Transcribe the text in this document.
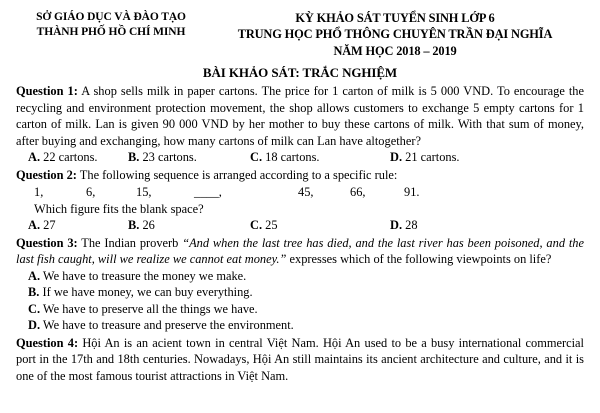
SỞ GIÁO DỤC VÀ ĐÀO TẠO
THÀNH PHỐ HỒ CHÍ MINH
KỲ KHẢO SÁT TUYỂN SINH LỚP 6
TRUNG HỌC PHỔ THÔNG CHUYÊN TRẦN ĐẠI NGHĨA
NĂM HỌC 2018 – 2019
BÀI KHẢO SÁT: TRẮC NGHIỆM

Question 1: A shop sells milk in paper cartons. The price for 1 carton of milk is 5 000 VND. To encourage the recycling and environment protection movement, the shop allows customers to exchange 5 empty cartons for 1 carton of milk. Lan is given 90 000 VND by her mother to buy these cartons of milk. With that sum of money, after buying and exchanging, how many cartons of milk can Lan have altogether?

A. 22 cartons.	B. 23 cartons.	C. 18 cartons.	D. 21 cartons.

Question 2: The following sequence is arranged according to a specific rule:

1,	6,	15,	____,	45,	66,	91.
Which figure fits the blank space?
A. 27	B. 26	C. 25	D. 28

Question 3: The Indian proverb “And when the last tree has died, and the last river has been poisoned, and the last fish caught, will we realize we cannot eat money.” expresses which of the following viewpoints on life?

A. We have to treasure the money we make.
B. If we have money, we can buy everything.
C. We have to preserve all the things we have.
D. We have to treasure and preserve the environment.

Question 4: Hội An is an acient town in central Việt Nam. Hội An used to be a busy international commercial port in the 17th and 18th centuries. Nowadays, Hội An still maintains its ancient architecture and culture, and it is one of the most famous tourist attractions in Việt Nam.
